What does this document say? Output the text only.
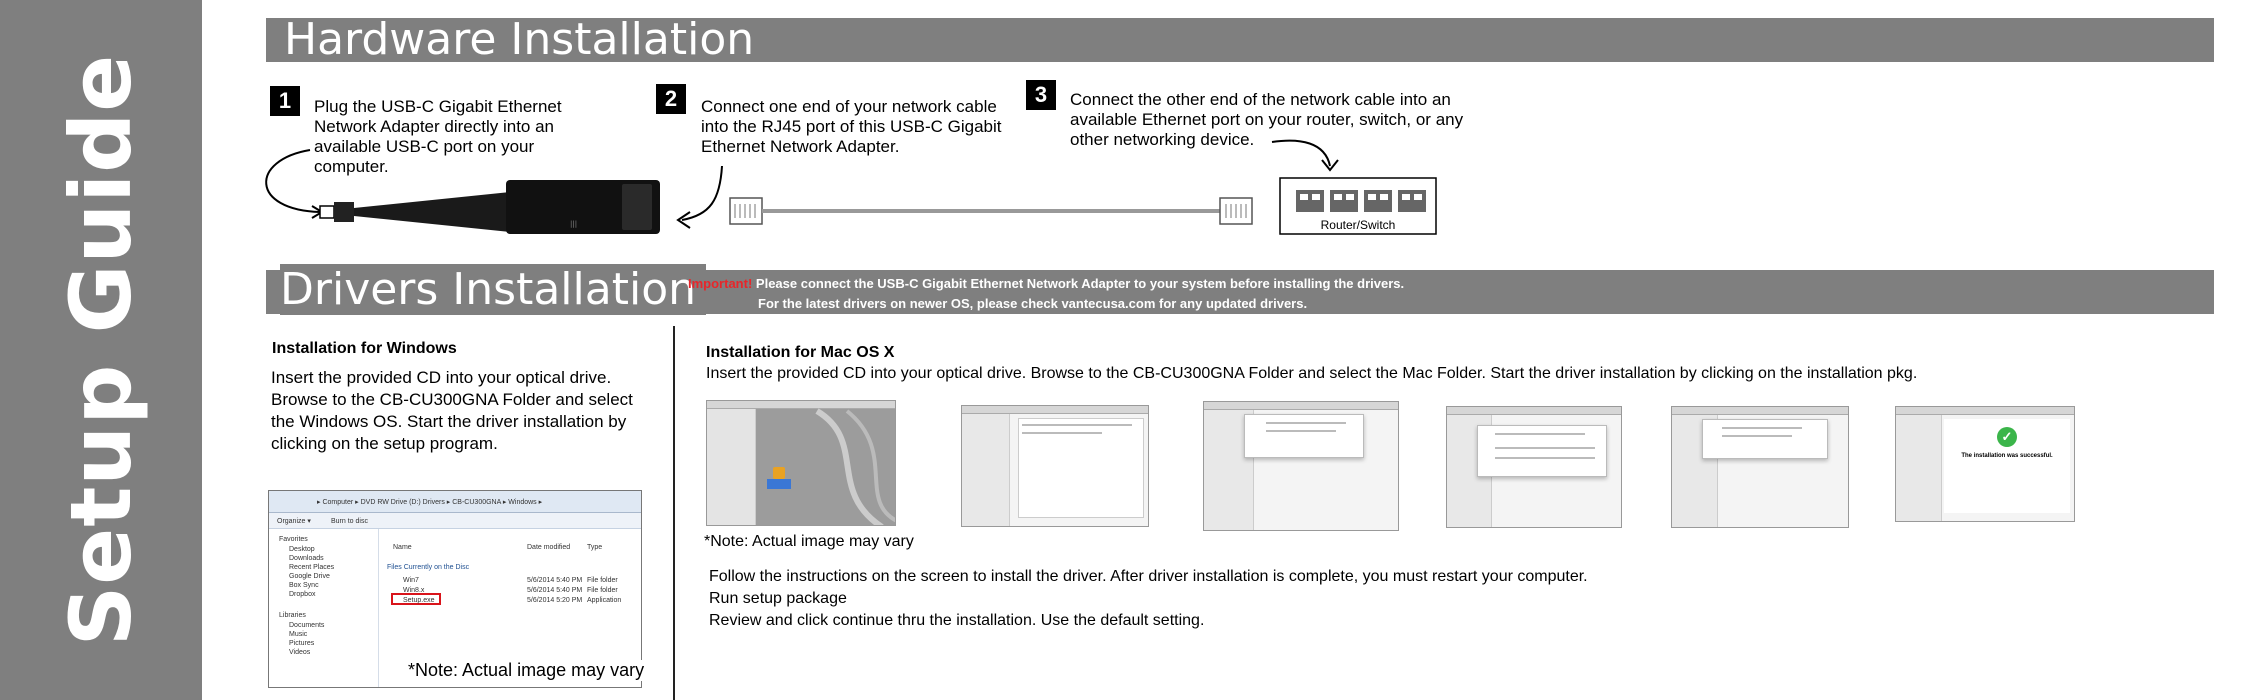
Setup Guide
Hardware Installation
1	Plug the USB-C Gigabit Ethernet Network Adapter directly into an available USB-C port on your computer.
2	Connect one end of your network cable into the RJ45 port of this USB-C Gigabit Ethernet Network Adapter.
3	Connect the other end of the network cable into an available Ethernet port on your router, switch, or any other networking device.
|||	Router/Switch
Drivers Installation
Important! Please connect the USB-C Gigabit Ethernet Network Adapter to your system before installing the drivers.
For the latest drivers on newer OS, please check vantecusa.com for any updated drivers.
Installation for Windows
Insert the provided CD into your optical drive. Browse to the CB-CU300GNA Folder and select the Windows OS. Start the driver installation by clicking on the setup program.
▸ Computer ▸ DVD RW Drive (D:) Drivers ▸ CB-CU300GNA ▸ Windows ▸
Organize ▾	Burn to disc
Favorites
Desktop
Downloads
Recent Places
Google Drive
Box Sync
Dropbox
Libraries
Documents
Music
Pictures
Videos
Name	Date modified Type
Files Currently on the Disc
Win7	5/6/2014 5:40 PM File folder
Win8.x	5/6/2014 5:40 PM File folder
Setup.exe	5/6/2014 5:20 PM Application
*Note: Actual image may vary
Installation for Mac OS X
Insert the provided CD into your optical drive. Browse to the CB-CU300GNA Folder and select the Mac Folder. Start the driver installation by clicking on the installation pkg.
✓
The installation was successful.
*Note: Actual image may vary
Follow the instructions on the screen to install the driver. After driver installation is complete, you must restart your computer.
Run setup package
Review and click continue thru the installation. Use the default setting.
